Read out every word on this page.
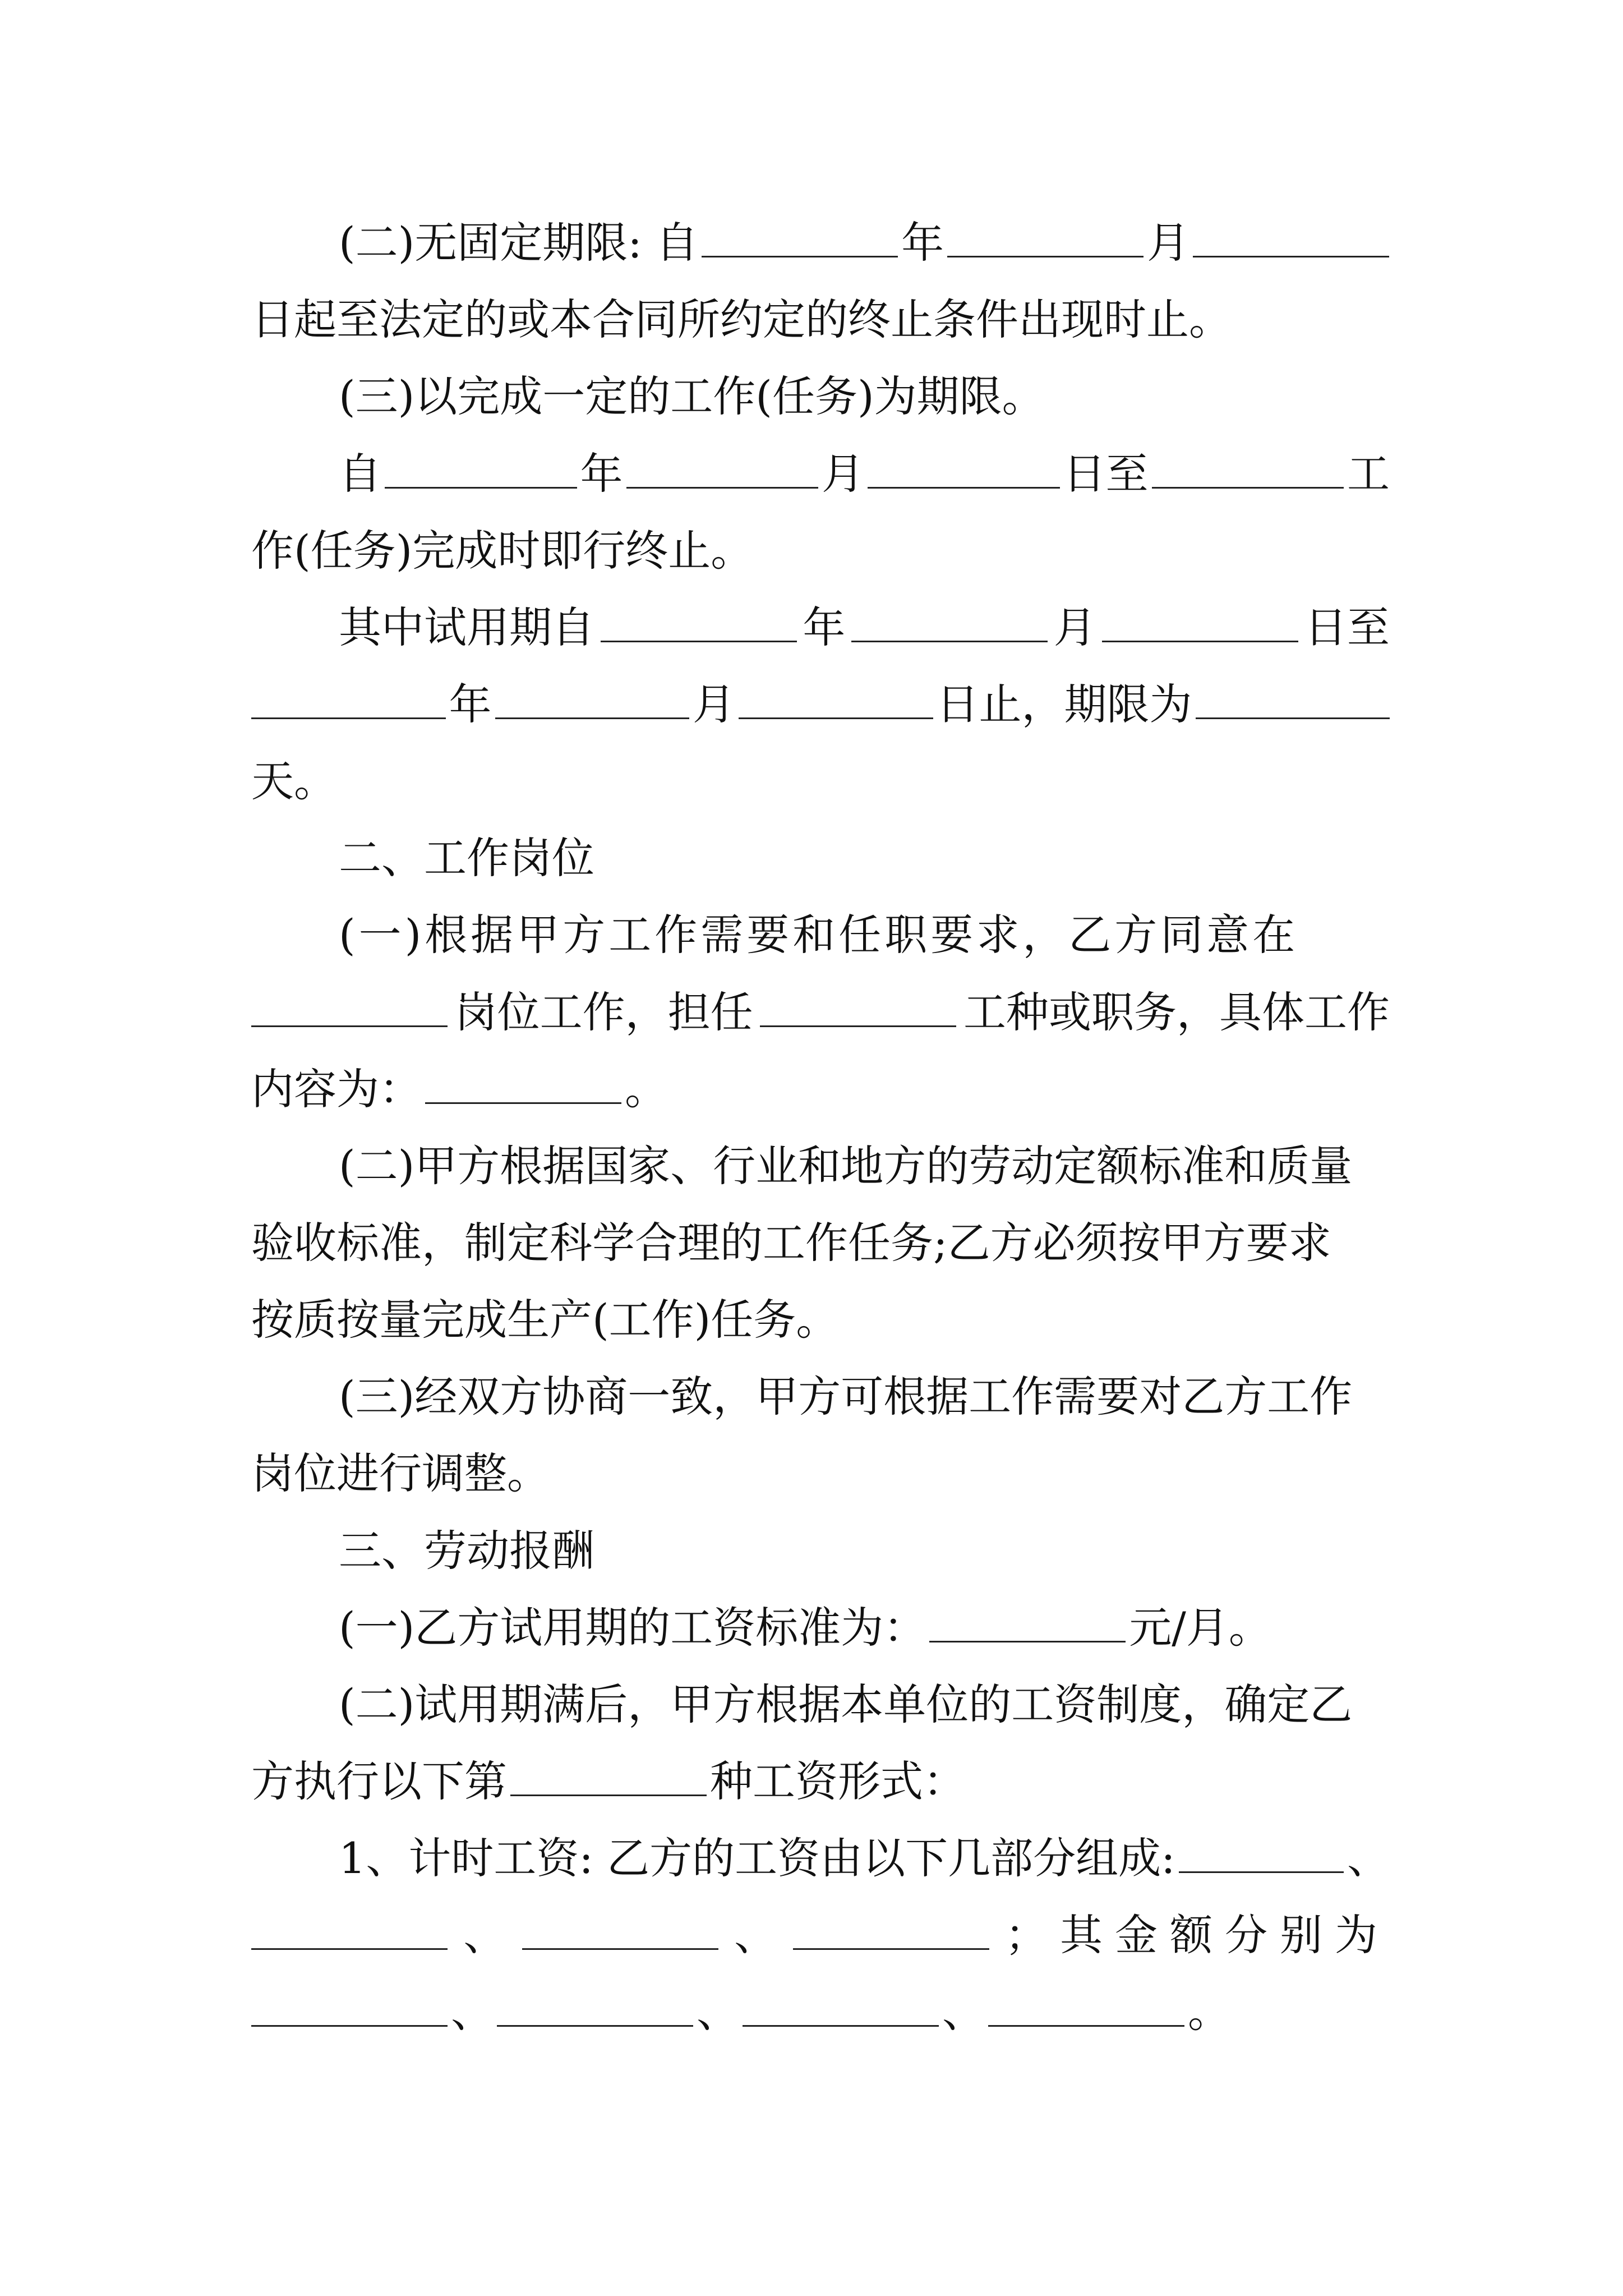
(二)无固定期限: 自	年	月
日起至法定的或本合同所约定的终止条件出现时止。
(三)以完成一定的工作(任务)为期限。
自	年	月	日至	工
作(任务)完成时即行终止。
其中试用期自	年	月	日至
年	月	日止，期限为
天。
二、工作岗位
(一)根据甲方工作需要和任职要求，乙方同意在
岗位工作，担任	工种或职务，具体工作
内容为：	。
(二)甲方根据国家、行业和地方的劳动定额标准和质量
验收标准，制定科学合理的工作任务;乙方必须按甲方要求
按质按量完成生产(工作)任务。
(三)经双方协商一致，甲方可根据工作需要对乙方工作
岗位进行调整。
三、劳动报酬
(一)乙方试用期的工资标准为：	元/月。
(二)试用期满后，甲方根据本单位的工资制度，确定乙
方执行以下第	种工资形式：
1、计时工资: 乙方的工资由以下几部分组成:	、
、	、	；其金额分别为
、	、	、	。
